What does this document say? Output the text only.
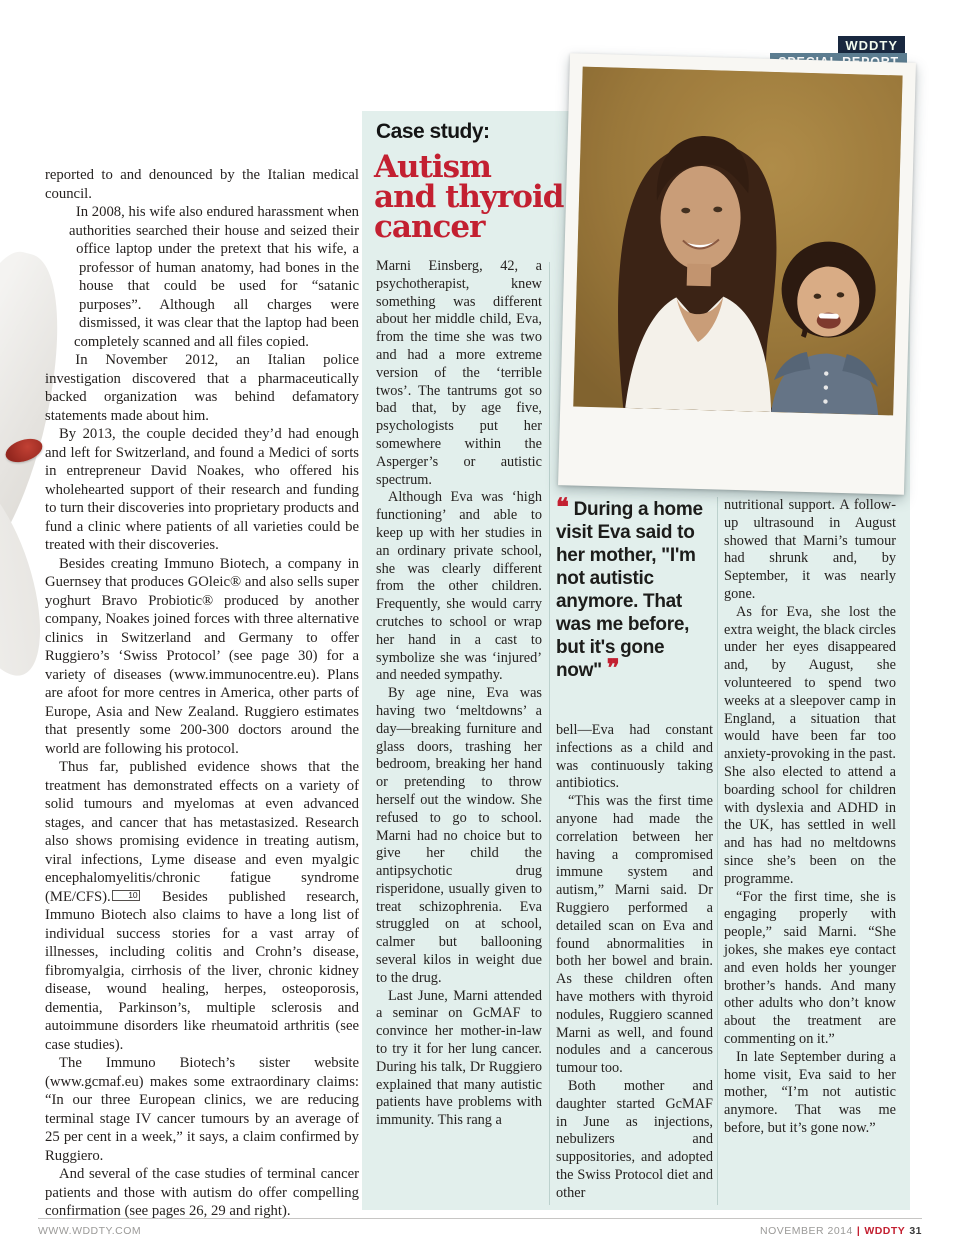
WDDTY

reported to and denounced by the Italian medical council.

In 2008, his wife also endured harassment when authorities searched their house and seized their office laptop under the pretext that his wife, a professor of human anatomy, had bones in the house that could be used for “satanic purposes”. Although all charges were dismissed, it was clear that the laptop had been completely scanned and all files copied.

In November 2012, an Italian police investigation discovered that a pharmaceutically backed organization was behind defamatory statements made about him.

By 2013, the couple decided they’d had enough and left for Switzerland, and found a Medici of sorts in entrepreneur David Noakes, who offered his wholehearted support of their research and funding to turn their discoveries into proprietary products and fund a clinic where patients of all varieties could be treated with their discoveries.

Besides creating Immuno Biotech, a company in Guernsey that produces GOleic® and also sells super yoghurt Bravo Probiotic® produced by another company, Noakes joined forces with three alternative clinics in Switzerland and Germany to offer Ruggiero’s ‘Swiss Protocol’ (see page 30) for a variety of diseases (www.immunocentre.eu). Plans are afoot for more centres in America, other parts of Europe, Asia and New Zealand. Ruggiero estimates that presently some 200-300 doctors around the world are following his protocol.

Thus far, published evidence shows that the treatment has demonstrated effects on a variety of solid tumours and myelomas at even advanced stages, and cancer that has metastasized. Research also shows promising evidence in treating autism, viral infections, Lyme disease and even myalgic encephalomyelitis/chronic fatigue syndrome (ME/CFS). $^{10}$ Besides published research, Immuno Biotech also claims to have a long list of individual success stories for a vast array of illnesses, including colitis and Crohn’s disease, fibromyalgia, cirrhosis of the liver, chronic kidney disease, wound healing, herpes, osteoporosis, dementia, Parkinson’s, multiple sclerosis and autoimmune disorders like rheumatoid arthritis (see case studies).

The Immuno Biotech’s sister website (www.gcmaf.eu) makes some extraordinary claims: “In our three European clinics, we are reducing terminal stage IV cancer tumours by an average of 25 per cent in a week,” it says, a claim confirmed by Ruggiero.

And several of the case studies of terminal cancer patients and those with autism do offer compelling confirmation (see pages 26, 29 and right).

Case study:
Autism
and thyroid
cancer

Marni Einsberg, 42, a psychotherapist, knew something was different about her middle child, Eva, from the time she was two and had a more extreme version of the ‘terrible twos’. The tantrums got so bad that, by age five, psychologists put her somewhere within the Asperger’s or autistic spectrum.

Although Eva was ‘high functioning’ and able to keep up with her studies in an ordinary private school, she was clearly different from the other children. Frequently, she would carry crutches to school or wrap her hand in a cast to symbolize she was ‘injured’ and needed sympathy.

By age nine, Eva was having two ‘meltdowns’ a day—breaking furniture and glass doors, trashing her bedroom, breaking her hand or pretending to throw herself out the window. She refused to go to school. Marni had no choice but to give her child the antipsychotic drug risperidone, usually given to treat schizophrenia. Eva struggled on at school, calmer but ballooning several kilos in weight due to the drug.

Last June, Marni attended a seminar on GcMAF to convince her mother-in-law to try it for her lung cancer. During his talk, Dr Ruggiero explained that many autistic patients have problems with immunity. This rang a

❝ During a home visit Eva said to her mother, "I'm not autistic anymore. That was me before, but it's gone now" ❞

bell—Eva had constant infections as a child and was continuously taking antibiotics.

“This was the first time anyone had made the correlation between her having a compromised immune system and autism,” Marni said. Dr Ruggiero performed a detailed scan on Eva and found abnormalities in both her bowel and brain. As these children often have mothers with thyroid nodules, Ruggiero scanned Marni as well, and found nodules and a cancerous tumour too.

Both mother and daughter started GcMAF in June as injections, nebulizers and suppositories, and adopted the Swiss Protocol diet and other

nutritional support. A follow-up ultrasound in August showed that Marni’s tumour had shrunk and, by September, it was nearly gone.

As for Eva, she lost the extra weight, the black circles under her eyes disappeared and, by August, she volunteered to spend two weeks at a sleepover camp in England, a situation that would have been far too anxiety-provoking in the past. She also elected to attend a boarding school for children with dyslexia and ADHD in the UK, has settled in well and has had no meltdowns since she’s been on the programme.

“For the first time, she is engaging properly with people,” said Marni. “She jokes, she makes eye contact and even holds her younger brother’s hands. And many other adults who don’t know about the treatment are commenting on it.”

In late September during a home visit, Eva said to her mother, “I’m not autistic anymore. That was me before, but it’s gone now.”

WWW.WDDTY.COM	NOVEMBER 2014 | WDDTY 31
